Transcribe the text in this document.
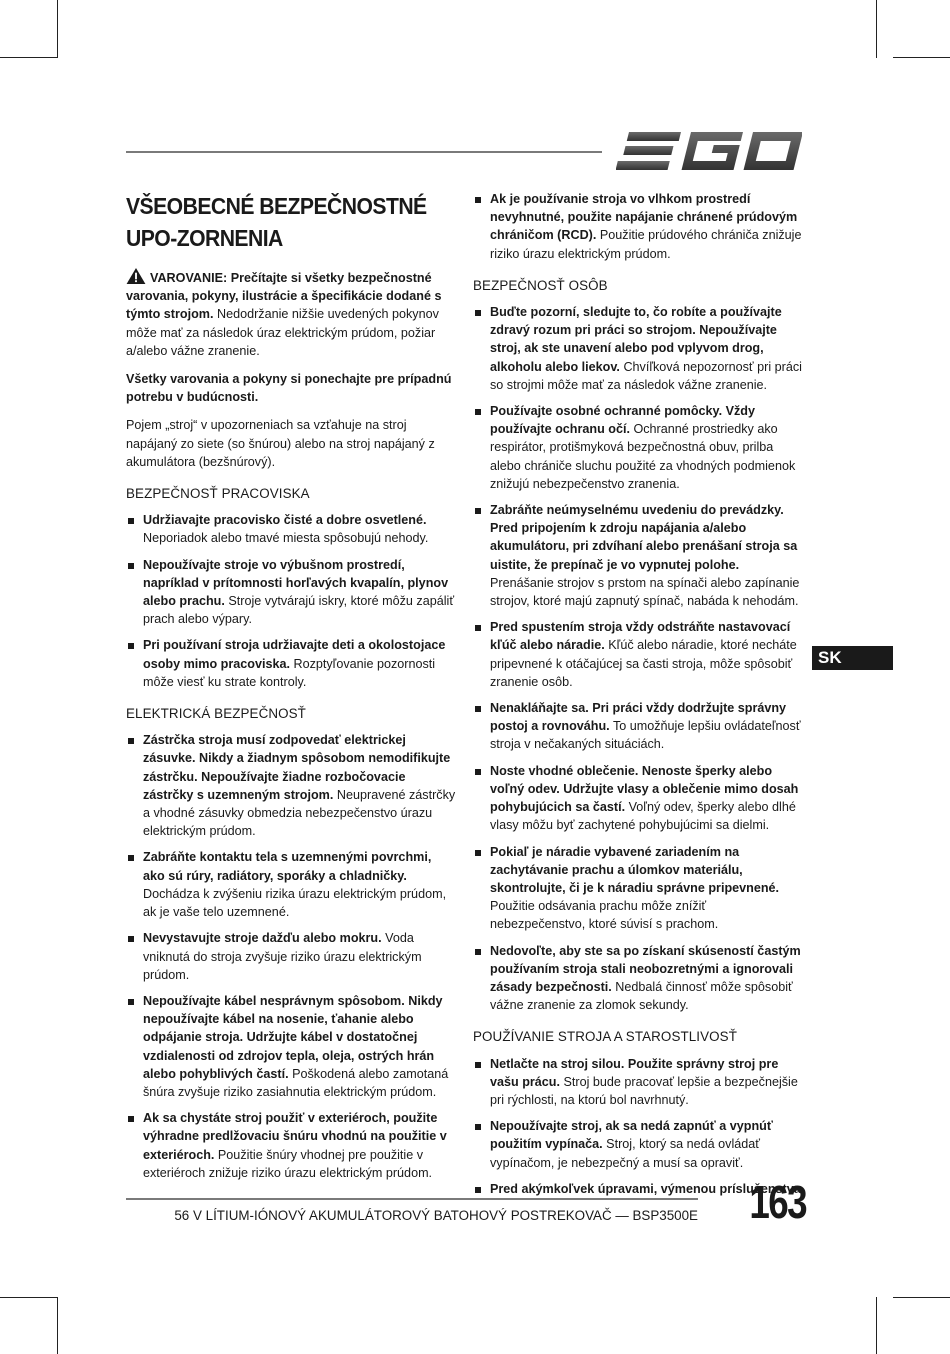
VŠEOBECNÉ BEZPEČNOSTNÉ UPO-ZORNENIA

VAROVANIE: Prečítajte si všetky bezpečnostné varovania, pokyny, ilustrácie a špecifikácie dodané s týmto strojom. Nedodržanie nižšie uvedených pokynov môže mať za následok úraz elektrickým prúdom, požiar a/alebo vážne zranenie.

Všetky varovania a pokyny si ponechajte pre prípadnú potrebu v budúcnosti.

Pojem „stroj“ v upozorneniach sa vzťahuje na stroj napájaný zo siete (so šnúrou) alebo na stroj napájaný z akumulátora (bezšnúrový).

BEZPEČNOSŤ PRACOVISKA
Udržiavajte pracovisko čisté a dobre osvetlené. Neporiadok alebo tmavé miesta spôsobujú nehody.
Nepoužívajte stroje vo výbušnom prostredí, napríklad v prítomnosti horľavých kvapalín, plynov alebo prachu. Stroje vytvárajú iskry, ktoré môžu zapáliť prach alebo výpary.
Pri používaní stroja udržiavajte deti a okolostojace osoby mimo pracoviska. Rozptyľovanie pozornosti môže viesť ku strate kontroly.
ELEKTRICKÁ BEZPEČNOSŤ
Zástrčka stroja musí zodpovedať elektrickej zásuvke. Nikdy a žiadnym spôsobom nemodifikujte zástrčku. Nepoužívajte žiadne rozbočovacie zástrčky s uzemneným strojom. Neupravené zástrčky a vhodné zásuvky obmedzia nebezpečenstvo úrazu elektrickým prúdom.
Zabráňte kontaktu tela s uzemnenými povrchmi, ako sú rúry, radiátory, sporáky a chladničky. Dochádza k zvýšeniu rizika úrazu elektrickým prúdom, ak je vaše telo uzemnené.
Nevystavujte stroje dažďu alebo mokru. Voda vniknutá do stroja zvyšuje riziko úrazu elektrickým prúdom.
Nepoužívajte kábel nesprávnym spôsobom. Nikdy nepoužívajte kábel na nosenie, ťahanie alebo odpájanie stroja. Udržujte kábel v dostatočnej vzdialenosti od zdrojov tepla, oleja, ostrých hrán alebo pohyblivých častí. Poškodená alebo zamotaná šnúra zvyšuje riziko zasiahnutia elektrickým prúdom.
Ak sa chystáte stroj použiť v exteriéroch, použite výhradne predlžovaciu šnúru vhodnú na použitie v exteriéroch. Použitie šnúry vhodnej pre použitie v exteriéroch znižuje riziko úrazu elektrickým prúdom.
Ak je používanie stroja vo vlhkom prostredí nevyhnutné, použite napájanie chránené prúdovým chráničom (RCD). Použitie prúdového chrániča znižuje riziko úrazu elektrickým prúdom.
BEZPEČNOSŤ OSÔB
Buďte pozorní, sledujte to, čo robíte a používajte zdravý rozum pri práci so strojom. Nepoužívajte stroj, ak ste unavení alebo pod vplyvom drog, alkoholu alebo liekov. Chvíľková nepozornosť pri práci so strojmi môže mať za následok vážne zranenie.
Používajte osobné ochranné pomôcky. Vždy používajte ochranu očí. Ochranné prostriedky ako respirátor, protišmyková bezpečnostná obuv, prilba alebo chrániče sluchu použité za vhodných podmienok znižujú nebezpečenstvo zranenia.
Zabráňte neúmyselnému uvedeniu do prevádzky. Pred pripojením k zdroju napájania a/alebo akumulátoru, pri zdvíhaní alebo prenášaní stroja sa uistite, že prepínač je vo vypnutej polohe. Prenášanie strojov s prstom na spínači alebo zapínanie strojov, ktoré majú zapnutý spínač, nabáda k nehodám.
Pred spustením stroja vždy odstráňte nastavovací kľúč alebo náradie. Kľúč alebo náradie, ktoré necháte pripevnené k otáčajúcej sa časti stroja, môže spôsobiť zranenie osôb.
Nenakláňajte sa. Pri práci vždy dodržujte správny postoj a rovnováhu. To umožňuje lepšiu ovládateľnosť stroja v nečakaných situáciách.
Noste vhodné oblečenie. Nenoste šperky alebo voľný odev. Udržujte vlasy a oblečenie mimo dosah pohybujúcich sa častí. Voľný odev, šperky alebo dlhé vlasy môžu byť zachytené pohybujúcimi sa dielmi.
Pokiaľ je náradie vybavené zariadením na zachytávanie prachu a úlomkov materiálu, skontrolujte, či je k náradiu správne pripevnené. Použitie odsávania prachu môže znížiť nebezpečenstvo, ktoré súvisí s prachom.
Nedovoľte, aby ste sa po získaní skúseností častým používaním stroja stali neobozretnými a ignorovali zásady bezpečnosti. Nedbalá činnosť môže spôsobiť vážne zranenie za zlomok sekundy.
POUŽÍVANIE STROJA A STAROSTLIVOSŤ
Netlačte na stroj silou. Použite správny stroj pre vašu prácu. Stroj bude pracovať lepšie a bezpečnejšie pri rýchlosti, na ktorú bol navrhnutý.
Nepoužívajte stroj, ak sa nedá zapnúť a vypnúť použitím vypínača. Stroj, ktorý sa nedá ovládať vypínačom, je nebezpečný a musí sa opraviť.
Pred akýmkoľvek úpravami, výmenou príslušenstva
SK
56 V LÍTIUM-IÓNOVÝ AKUMULÁTOROVÝ BATOHOVÝ POSTREKOVAČ — BSP3500E	163
